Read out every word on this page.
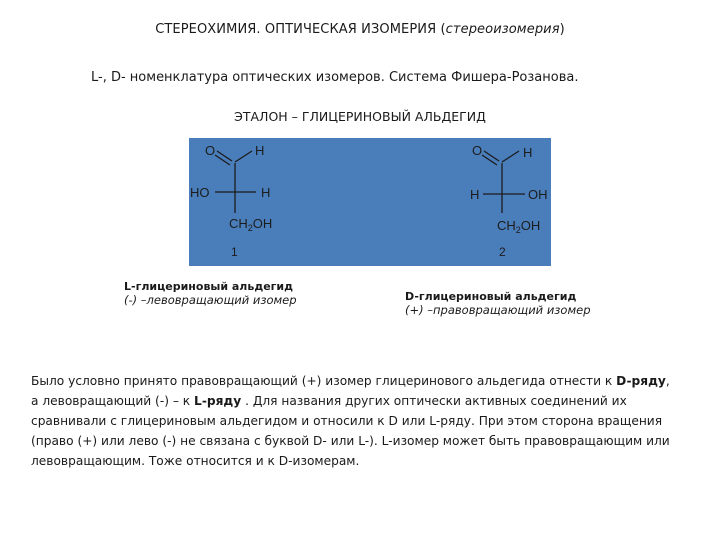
СТЕРЕОХИМИЯ. ОПТИЧЕСКАЯ ИЗОМЕРИЯ (стереоизомерия)
L-, D- номенклатура оптических изомеров. Система Фишера-Розанова.
ЭТАЛОН – ГЛИЦЕРИНОВЫЙ АЛЬДЕГИД
O	H
HO	H
$CH_2OH$
1
O	H
H	OH
$CH_2OH$
2
L-глицериновый альдегид
(-) –левовращающий изомер	D-глицериновый альдегид
(+) –правовращающий изомер
Было условно принято правовращающий (+) изомер глицеринового альдегида отнести к D-ряду, а левовращающий (-) – к L-ряду . Для названия других оптически активных соединений их сравнивали с глицериновым альдегидом и относили к D или L-ряду. При этом сторона вращения (право (+) или лево (-) не связана с буквой D- или L-). L-изомер может быть правовращающим или левовращающим. Тоже относится и к D-изомерам.
